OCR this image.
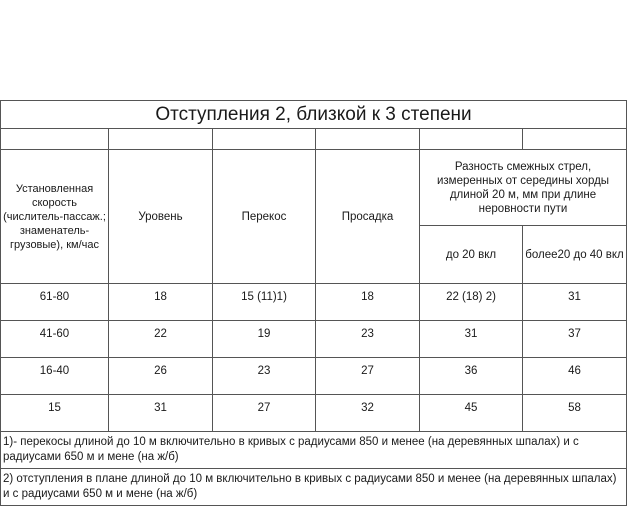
Отступления 2, близкой к 3 степени					

Установленная скорость (числитель-пассаж.; знаменатель-грузовые), км/час	Уровень	Перекос	Просадка	Разность смежных стрел, измеренных от середины хорды длиной 20 м, мм при длине неровности пути	
				до 20 вкл	более20 до 40 вкл
61-80	18	15 (11)1)	18	22 (18) 2)	31
41-60	22	19	23	31	37
16-40	26	23	27	36	46
15	31	27	32	45	58
1)- перекосы длиной до 10 м включительно в кривых с радиусами 850 и менее (на деревянных шпалах) и с радиусами 650 м и мене (на ж/б)					
2) отступления в плане длиной до 10 м включительно в кривых с радиусами 850 и менее (на деревянных шпалах) и с радиусами 650 м и мене (на ж/б)					
